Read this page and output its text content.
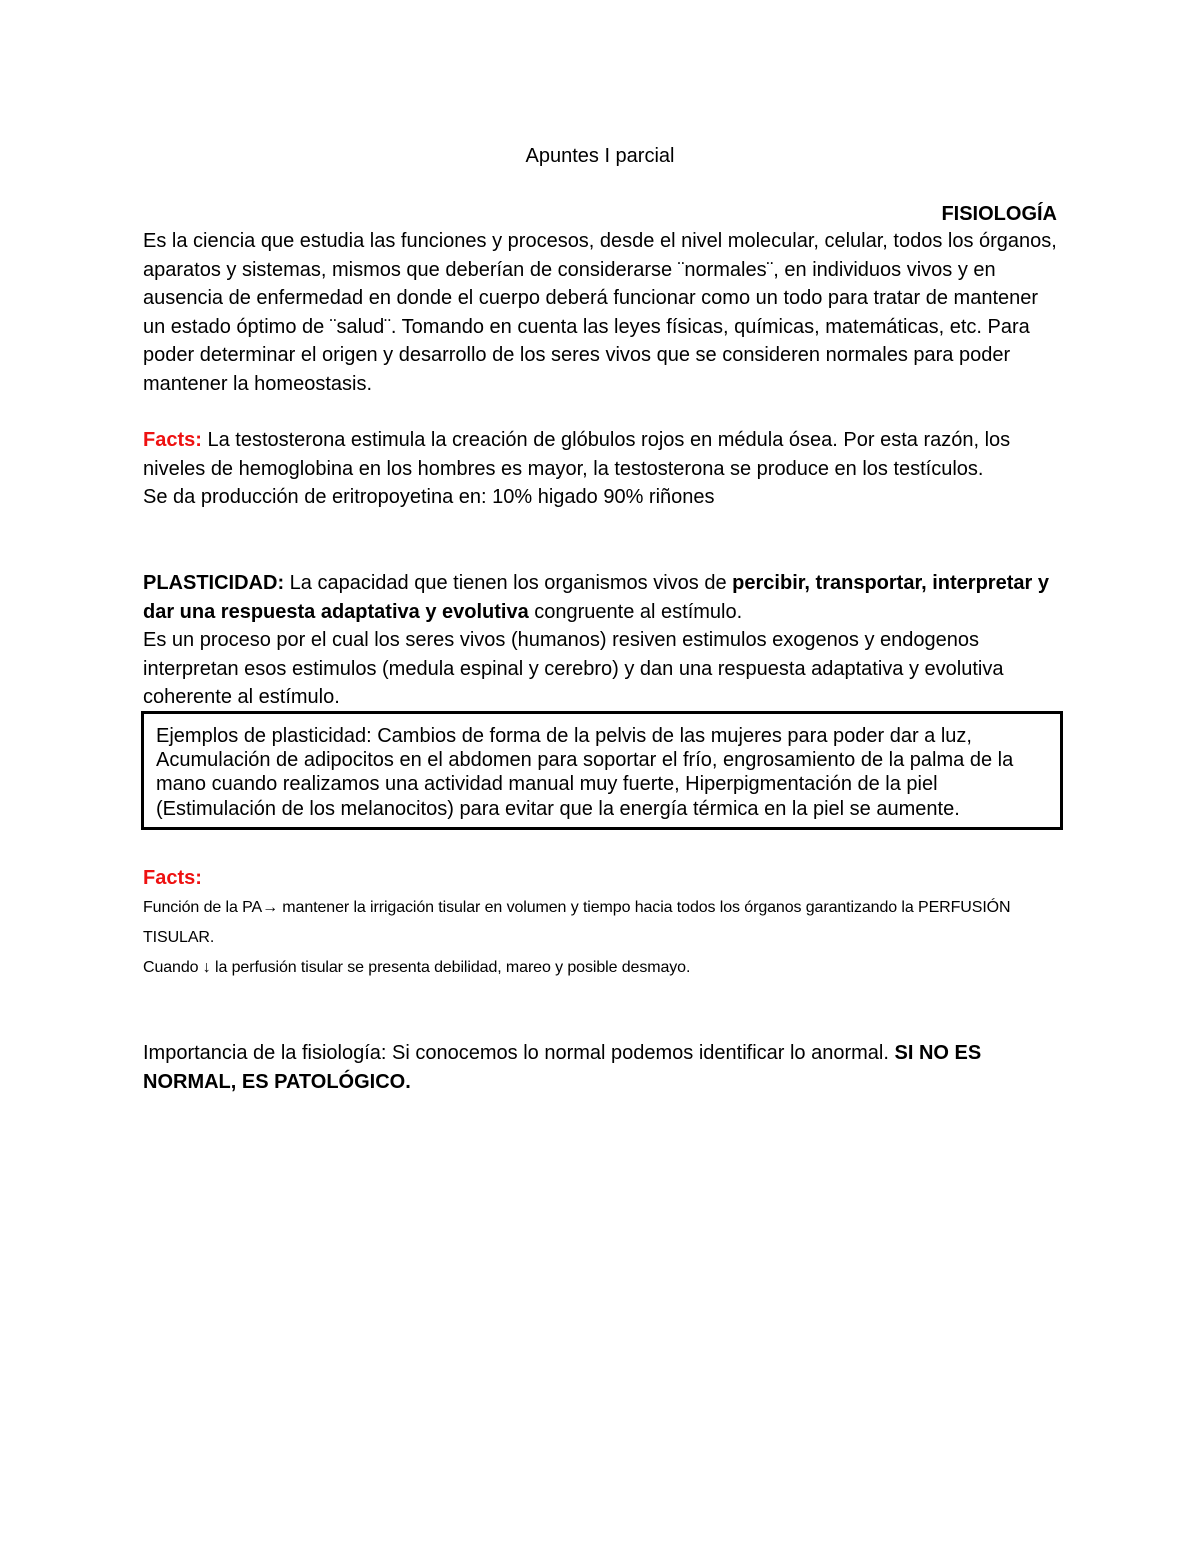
Apuntes I parcial
FISIOLOGÍA
Es la ciencia que estudia las funciones y procesos, desde el nivel molecular, celular, todos los órganos, aparatos y sistemas, mismos que deberían de considerarse ¨normales¨, en individuos vivos y en ausencia de enfermedad en donde el cuerpo deberá funcionar como un todo para tratar de mantener un estado óptimo de ¨salud¨. Tomando en cuenta las leyes físicas, químicas, matemáticas, etc. Para poder determinar el origen y desarrollo de los seres vivos que se consideren normales para poder mantener la homeostasis.
Facts: La testosterona estimula la creación de glóbulos rojos en médula ósea. Por esta razón, los niveles de hemoglobina en los hombres es mayor, la testosterona se produce en los testículos.
Se da producción de eritropoyetina en: 10% higado 90% riñones
PLASTICIDAD: La capacidad que tienen los organismos vivos de percibir, transportar, interpretar y dar una respuesta adaptativa y evolutiva congruente al estímulo.
Es un proceso por el cual los seres vivos (humanos) resiven estimulos exogenos y endogenos interpretan esos estimulos (medula espinal y cerebro) y dan una respuesta adaptativa y evolutiva coherente al estímulo.
Ejemplos de plasticidad: Cambios de forma de la pelvis de las mujeres para poder dar a luz, Acumulación de adipocitos en el abdomen para soportar el frío, engrosamiento de la palma de la mano cuando realizamos una actividad manual muy fuerte, Hiperpigmentación de la piel (Estimulación de los melanocitos) para evitar que la energía térmica en la piel se aumente.
Facts:
Función de la PA→ mantener la irrigación tisular en volumen y tiempo hacia todos los órganos garantizando la PERFUSIÓN TISULAR.
Cuando ↓ la perfusión tisular se presenta debilidad, mareo y posible desmayo.
Importancia de la fisiología: Si conocemos lo normal podemos identificar lo anormal. SI NO ES NORMAL, ES PATOLÓGICO.
